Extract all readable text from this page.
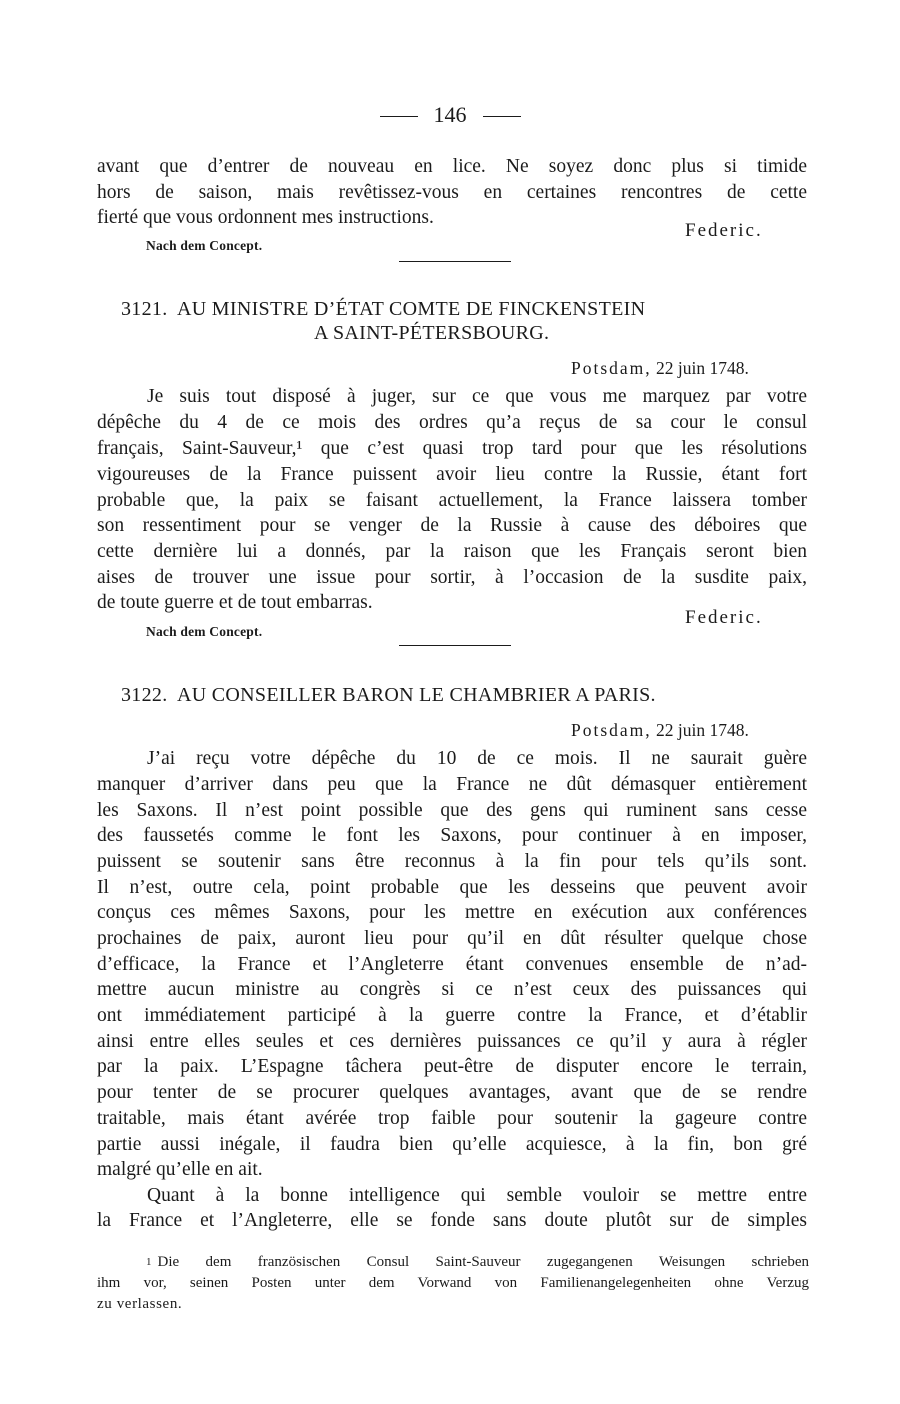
146
avant que d’entrer de nouveau en lice. Ne soyez donc plus si timide
hors de saison, mais revêtissez-vous en certaines rencontres de cette
fierté que vous ordonnent mes instructions.
Federic.
Nach dem Concept.
3121. AU MINISTRE D’ÉTAT COMTE DE FINCKENSTEIN
A SAINT-PÉTERSBOURG.
Potsdam, 22 juin 1748.
Je suis tout disposé à juger, sur ce que vous me marquez par votre
dépêche du 4 de ce mois des ordres qu’a reçus de sa cour le consul
français, Saint-Sauveur,¹ que c’est quasi trop tard pour que les résolutions
vigoureuses de la France puissent avoir lieu contre la Russie, étant fort
probable que, la paix se faisant actuellement, la France laissera tomber
son ressentiment pour se venger de la Russie à cause des déboires que
cette dernière lui a donnés, par la raison que les Français seront bien
aises de trouver une issue pour sortir, à l’occasion de la susdite paix,
de toute guerre et de tout embarras.
Federic.
Nach dem Concept.
3122. AU CONSEILLER BARON LE CHAMBRIER A PARIS.
Potsdam, 22 juin 1748.
J’ai reçu votre dépêche du 10 de ce mois. Il ne saurait guère
manquer d’arriver dans peu que la France ne dût démasquer entièrement
les Saxons. Il n’est point possible que des gens qui ruminent sans cesse
des faussetés comme le font les Saxons, pour continuer à en imposer,
puissent se soutenir sans être reconnus à la fin pour tels qu’ils sont.
Il n’est, outre cela, point probable que les desseins que peuvent avoir
conçus ces mêmes Saxons, pour les mettre en exécution aux conférences
prochaines de paix, auront lieu pour qu’il en dût résulter quelque chose
d’efficace, la France et l’Angleterre étant convenues ensemble de n’ad-
mettre aucun ministre au congrès si ce n’est ceux des puissances qui
ont immédiatement participé à la guerre contre la France, et d’établir
ainsi entre elles seules et ces dernières puissances ce qu’il y aura à régler
par la paix. L’Espagne tâchera peut-être de disputer encore le terrain,
pour tenter de se procurer quelques avantages, avant que de se rendre
traitable, mais étant avérée trop faible pour soutenir la gageure contre
partie aussi inégale, il faudra bien qu’elle acquiesce, à la fin, bon gré
malgré qu’elle en ait.
Quant à la bonne intelligence qui semble vouloir se mettre entre
la France et l’Angleterre, elle se fonde sans doute plutôt sur de simples
1 Die dem französischen Consul Saint-Sauveur zugegangenen Weisungen schrieben
ihm vor, seinen Posten unter dem Vorwand von Familienangelegenheiten ohne Verzug
zu verlassen.
